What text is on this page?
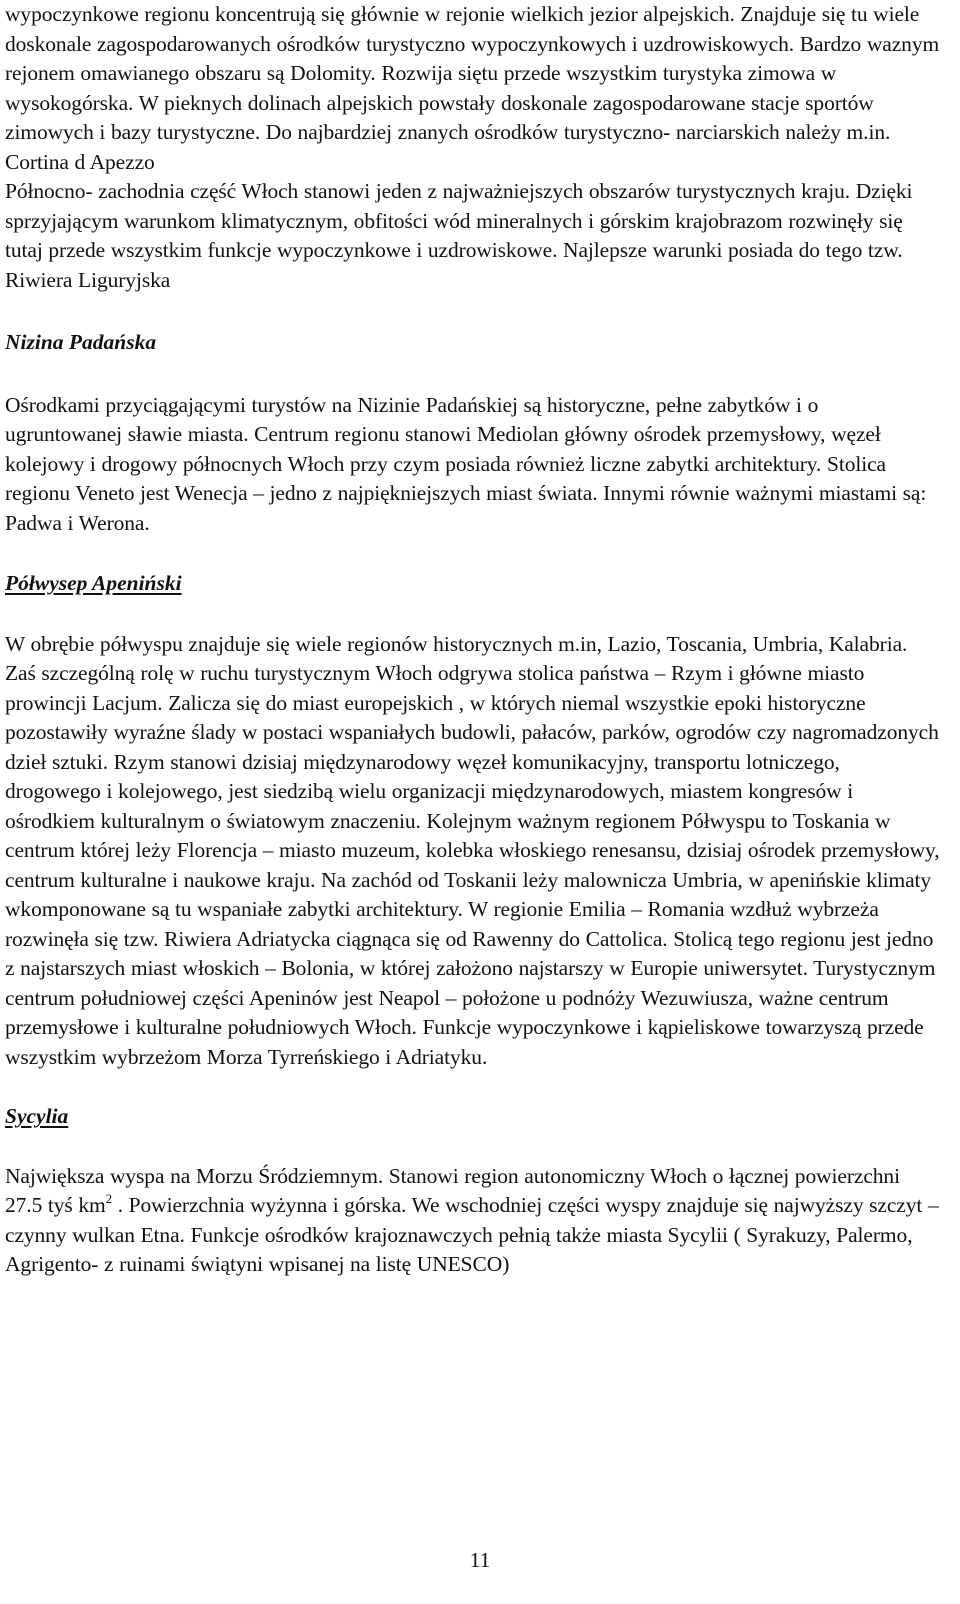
wypoczynkowe regionu koncentrują się głównie w rejonie wielkich jezior alpejskich. Znajduje się tu wiele doskonale zagospodarowanych ośrodków turystyczno wypoczynkowych i uzdrowiskowych. Bardzo waznym rejonem omawianego obszaru są Dolomity. Rozwija siętu przede wszystkim turystyka zimowa w wysokogórska. W pieknych dolinach alpejskich powstały doskonale zagospodarowane stacje sportów zimowych i bazy turystyczne. Do najbardziej znanych ośrodków turystyczno- narciarskich należy m.in. Cortina d Apezzo

Północno- zachodnia część Włoch stanowi jeden z najważniejszych obszarów turystycznych kraju. Dzięki sprzyjającym warunkom klimatycznym, obfitości wód mineralnych i górskim krajobrazom rozwinęły się tutaj przede wszystkim funkcje wypoczynkowe i uzdrowiskowe. Najlepsze warunki posiada do tego tzw. Riwiera Liguryjska

Nizina Padańska

Ośrodkami przyciągającymi turystów na Nizinie Padańskiej są historyczne, pełne zabytków i o ugruntowanej sławie miasta. Centrum regionu stanowi Mediolan główny ośrodek przemysłowy, węzeł kolejowy i drogowy północnych Włoch przy czym posiada również liczne zabytki architektury. Stolica regionu Veneto jest Wenecja – jedno z najpiękniejszych miast świata. Innymi równie ważnymi miastami są: Padwa i Werona.

Półwysep Apeniński

W obrębie półwyspu znajduje się wiele regionów historycznych m.in, Lazio, Toscania, Umbria, Kalabria. Zaś szczególną rolę w ruchu turystycznym Włoch odgrywa stolica państwa – Rzym i główne miasto prowincji Lacjum. Zalicza się do miast europejskich , w których niemal wszystkie epoki historyczne pozostawiły wyraźne ślady w postaci wspaniałych budowli, pałaców, parków, ogrodów czy nagromadzonych dzieł sztuki. Rzym stanowi dzisiaj międzynarodowy węzeł komunikacyjny, transportu lotniczego, drogowego i kolejowego, jest siedzibą wielu organizacji międzynarodowych, miastem kongresów i ośrodkiem kulturalnym o światowym znaczeniu. Kolejnym ważnym regionem Półwyspu to Toskania w centrum której leży Florencja – miasto muzeum, kolebka włoskiego renesansu, dzisiaj ośrodek przemysłowy, centrum kulturalne i naukowe kraju. Na zachód od Toskanii leży malownicza Umbria, w apenińskie klimaty wkomponowane są tu wspaniałe zabytki architektury. W regionie Emilia – Romania wzdłuż wybrzeża rozwinęła się tzw. Riwiera Adriatycka ciągnąca się od Rawenny do Cattolica. Stolicą tego regionu jest jedno z najstarszych miast włoskich – Bolonia, w której założono najstarszy w Europie uniwersytet. Turystycznym centrum południowej części Apeninów jest Neapol – położone u podnóży Wezuwiusza, ważne centrum przemysłowe i kulturalne południowych Włoch. Funkcje wypoczynkowe i kąpieliskowe towarzyszą przede wszystkim wybrzeżom Morza Tyrreńskiego i Adriatyku.

Sycylia

Największa wyspa na Morzu Śródziemnym. Stanowi region autonomiczny Włoch o łącznej powierzchni 27.5 tyś $km^2$ . Powierzchnia wyżynna i górska. We wschodniej części wyspy znajduje się najwyższy szczyt – czynny wulkan Etna. Funkcje ośrodków krajoznawczych pełnią także miasta Sycylii ( Syrakuzy, Palermo, Agrigento- z ruinami świątyni wpisanej na listę UNESCO)

11
